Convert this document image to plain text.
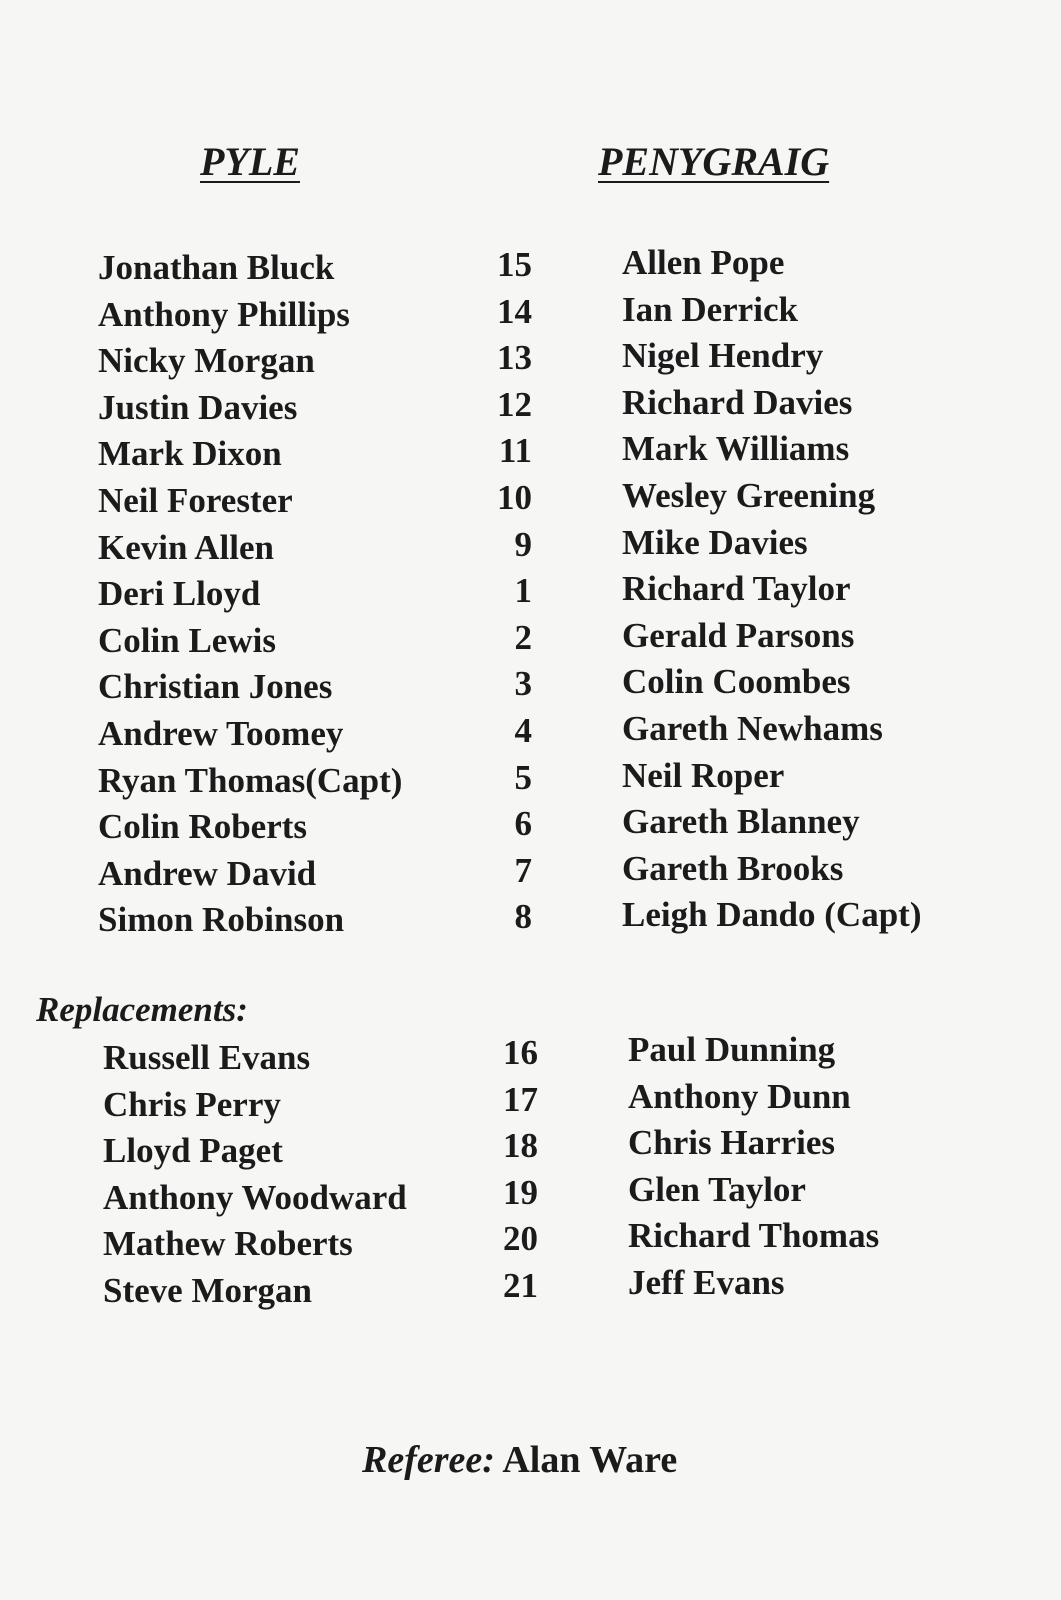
PYLE	PENYGRAIG
Jonathan Bluck
Anthony Phillips
Nicky Morgan
Justin Davies
Mark Dixon
Neil Forester
Kevin Allen
Deri Lloyd
Colin Lewis
Christian Jones
Andrew Toomey
Ryan Thomas(Capt)
Colin Roberts
Andrew David
Simon Robinson
15
14
13
12
11
10
9
1
2
3
4
5
6
7
8
Allen Pope
Ian Derrick
Nigel Hendry
Richard Davies
Mark Williams
Wesley Greening
Mike Davies
Richard Taylor
Gerald Parsons
Colin Coombes
Gareth Newhams
Neil Roper
Gareth Blanney
Gareth Brooks
Leigh Dando (Capt)
Replacements:
Russell Evans
Chris Perry
Lloyd Paget
Anthony Woodward
Mathew Roberts
Steve Morgan
16
17
18
19
20
21
Paul Dunning
Anthony Dunn
Chris Harries
Glen Taylor
Richard Thomas
Jeff Evans
Referee: Alan Ware
